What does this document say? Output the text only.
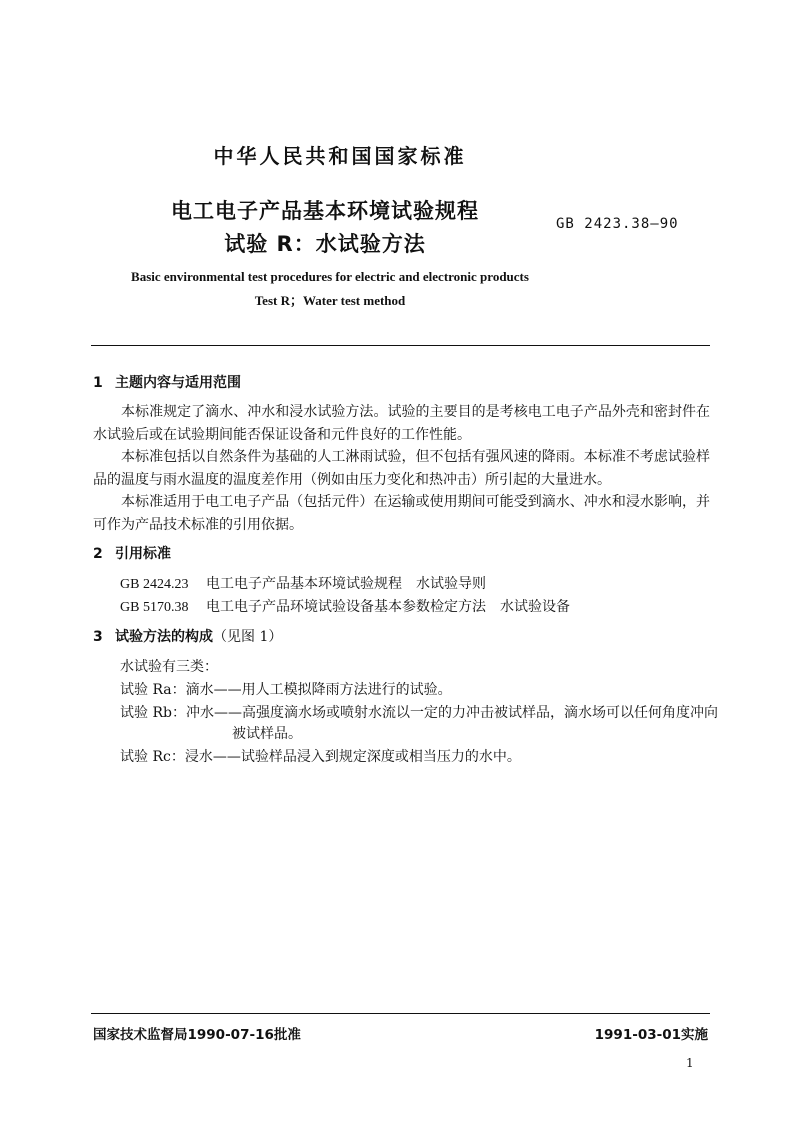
中华人民共和国国家标准
电工电子产品基本环境试验规程
试验 R：水试验方法
GB 2423.38—90
Basic environmental test procedures for electric and electronic products
Test R；Water test method
1 主题内容与适用范围
本标准规定了滴水、冲水和浸水试验方法。试验的主要目的是考核电工电子产品外壳和密封件在水试验后或在试验期间能否保证设备和元件良好的工作性能。
本标准包括以自然条件为基础的人工淋雨试验，但不包括有强风速的降雨。本标准不考虑试验样品的温度与雨水温度的温度差作用（例如由压力变化和热冲击）所引起的大量进水。
本标准适用于电工电子产品（包括元件）在运输或使用期间可能受到滴水、冲水和浸水影响，并可作为产品技术标准的引用依据。
2 引用标准
GB 2424.23 电工电子产品基本环境试验规程　水试验导则
GB 5170.38 电工电子产品环境试验设备基本参数检定方法　水试验设备
3 试验方法的构成（见图 1）
水试验有三类：
试验 Ra：滴水——用人工模拟降雨方法进行的试验。
试验 Rb：冲水——高强度滴水场或喷射水流以一定的力冲击被试样品，滴水场可以任何角度冲向
被试样品。
试验 Rc：浸水——试验样品浸入到规定深度或相当压力的水中。
国家技术监督局1990-07-16批准	1991-03-01实施
1
